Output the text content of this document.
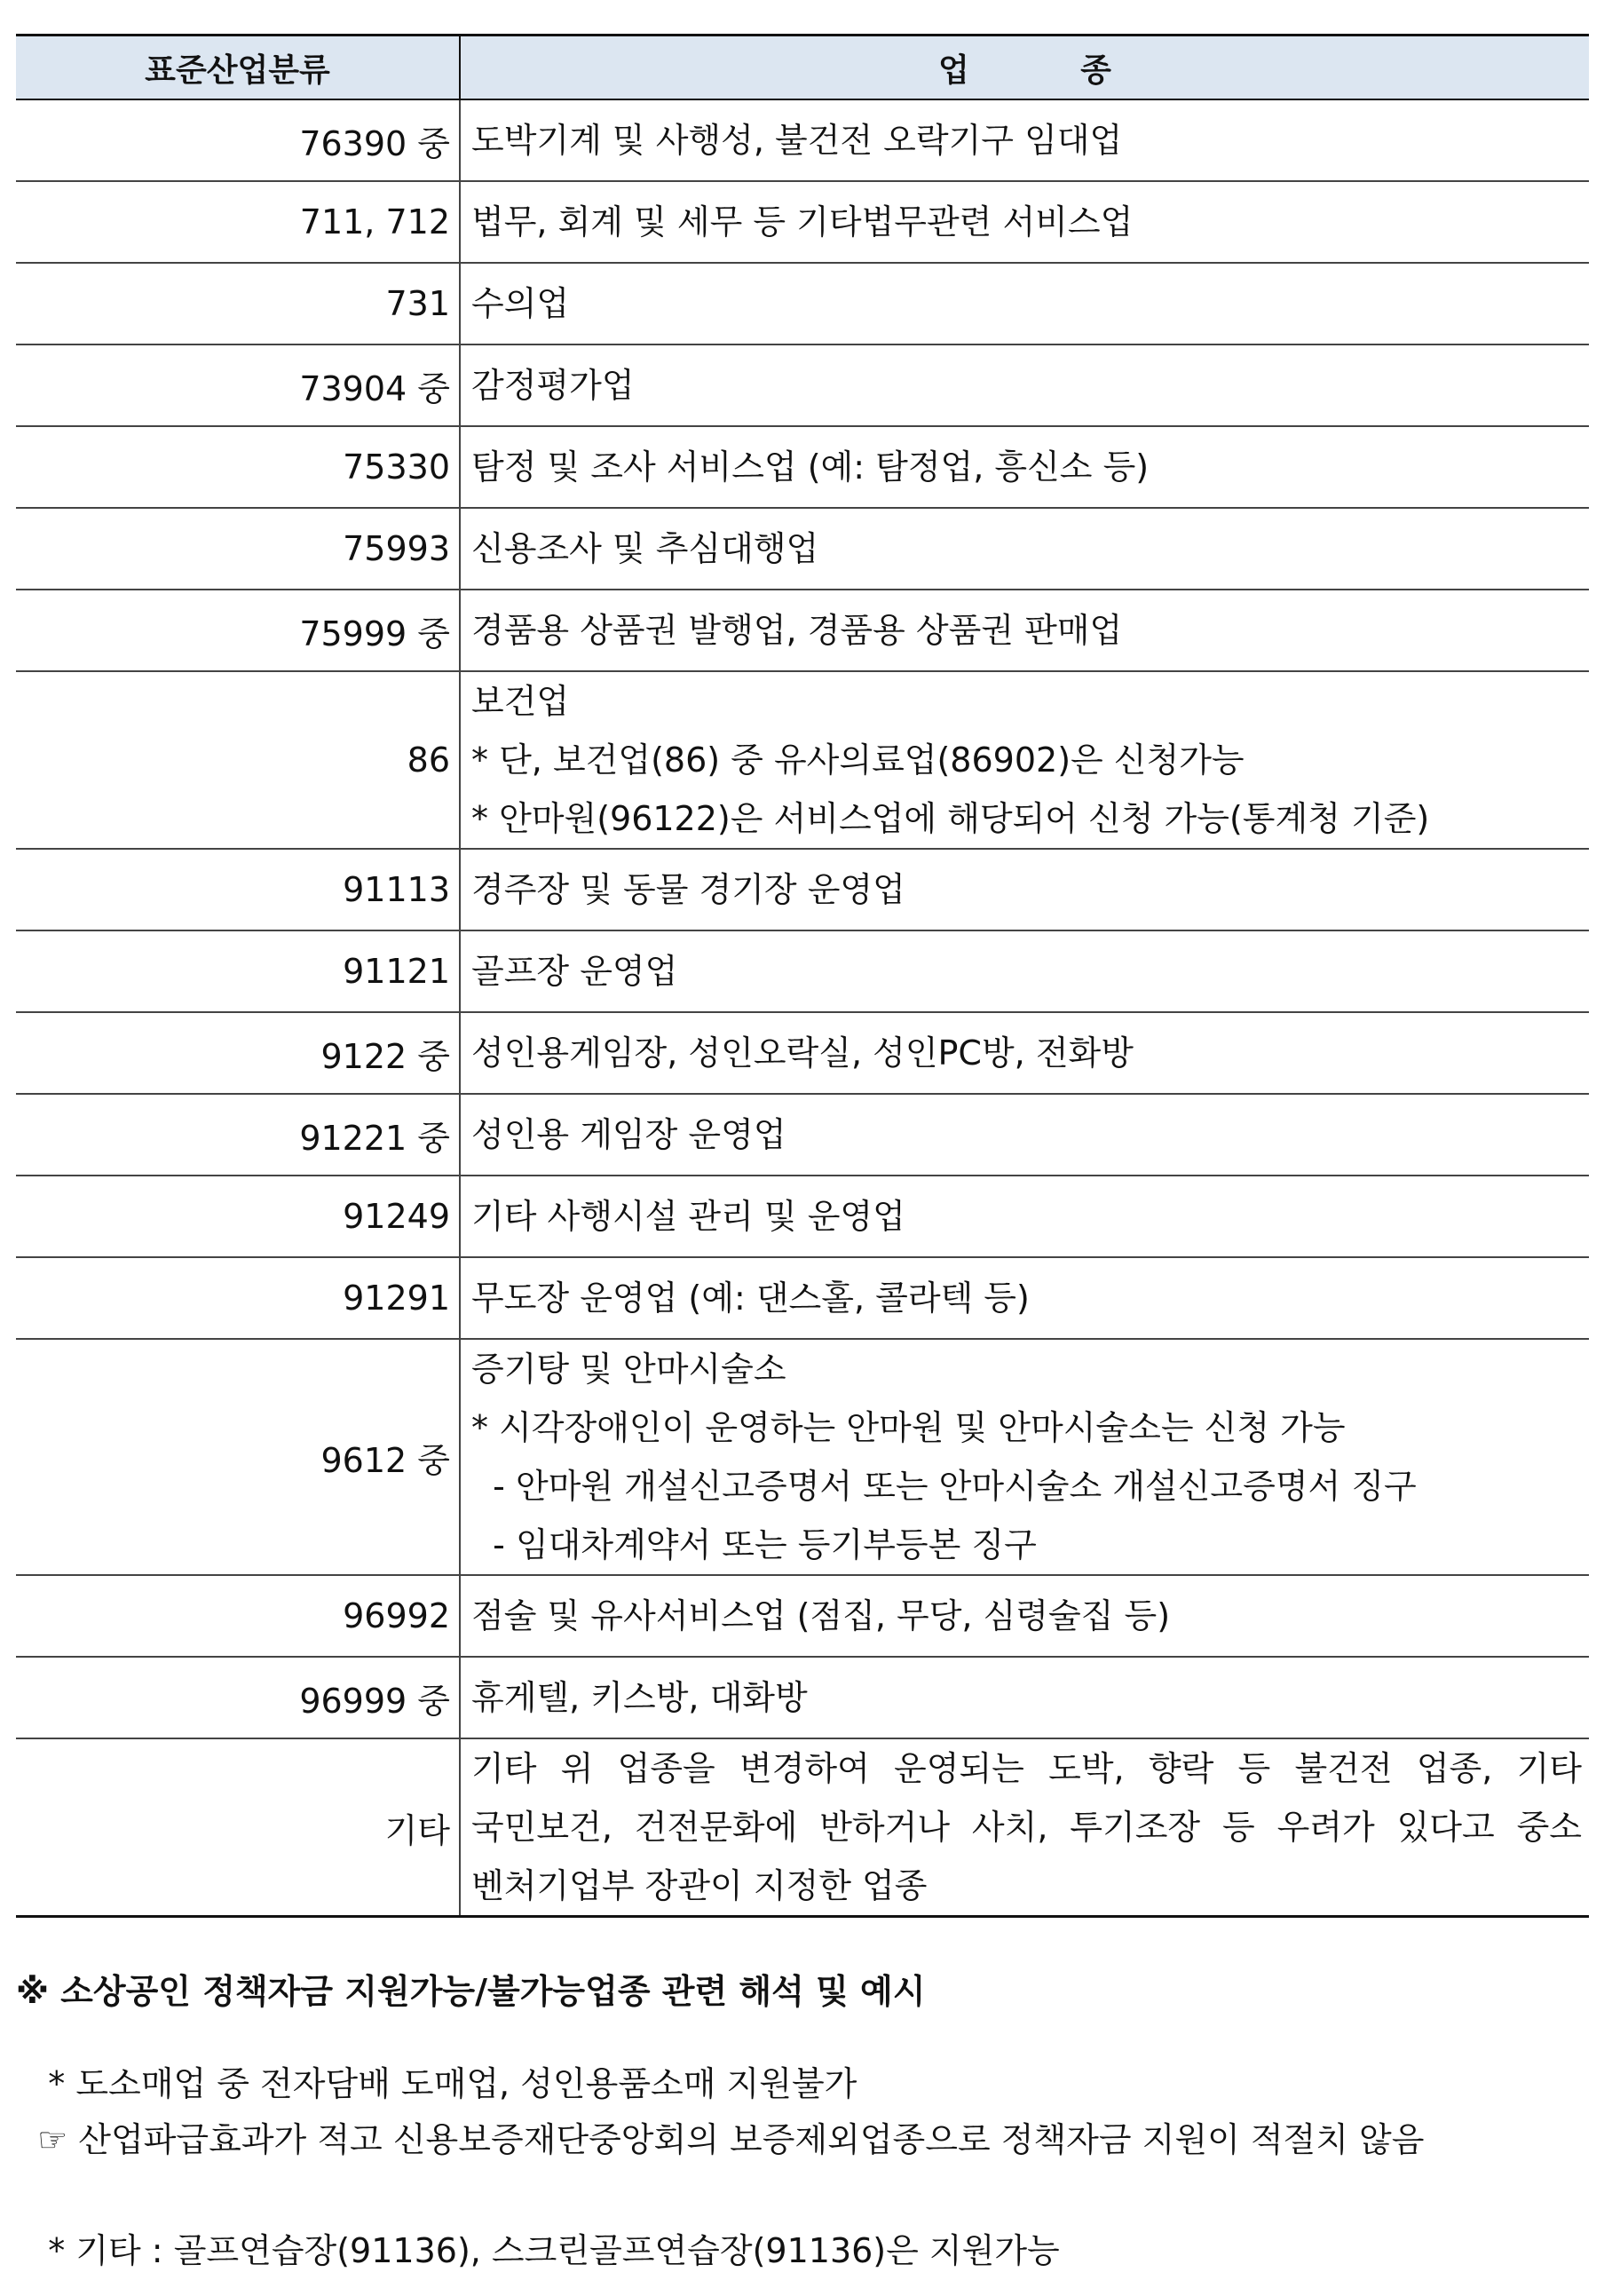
표준산업분류	업          종
76390 중	도박기계 및 사행성, 불건전 오락기구 임대업

711, 712	법무, 회계 및 세무 등 기타법무관련 서비스업

731	수의업

73904 중	감정평가업

75330	탐정 및 조사 서비스업 (예: 탐정업, 흥신소 등)

75993	신용조사 및 추심대행업

75999 중	경품용 상품권 발행업, 경품용 상품권 판매업

86	보건업
* 단, 보건업(86) 중 유사의료업(86902)은 신청가능
* 안마원(96122)은 서비스업에 해당되어 신청 가능(통계청 기준)

91113	경주장 및 동물 경기장 운영업

91121	골프장 운영업

9122 중	성인용게임장, 성인오락실, 성인PC방, 전화방

91221 중	성인용 게임장 운영업

91249	기타 사행시설 관리 및 운영업

91291	무도장 운영업 (예: 댄스홀, 콜라텍 등)

9612 중	증기탕 및 안마시술소
* 시각장애인이 운영하는 안마원 및 안마시술소는 신청 가능
- 안마원 개설신고증명서 또는 안마시술소 개설신고증명서 징구
- 임대차계약서 또는 등기부등본 징구

96992	점술 및 유사서비스업 (점집, 무당, 심령술집 등)

96999 중	휴게텔, 키스방, 대화방

기타	기타 위 업종을 변경하여 운영되는 도박, 향락 등 불건전 업종, 기타
국민보건, 건전문화에 반하거나 사치, 투기조장 등 우려가 있다고 중소
벤처기업부 장관이 지정한 업종
※ 소상공인 정책자금 지원가능/불가능업종 관련 해석 및 예시
* 도소매업 중 전자담배 도매업, 성인용품소매 지원불가
☞ 산업파급효과가 적고 신용보증재단중앙회의 보증제외업종으로 정책자금 지원이 적절치 않음
* 기타 : 골프연습장(91136), 스크린골프연습장(91136)은 지원가능
